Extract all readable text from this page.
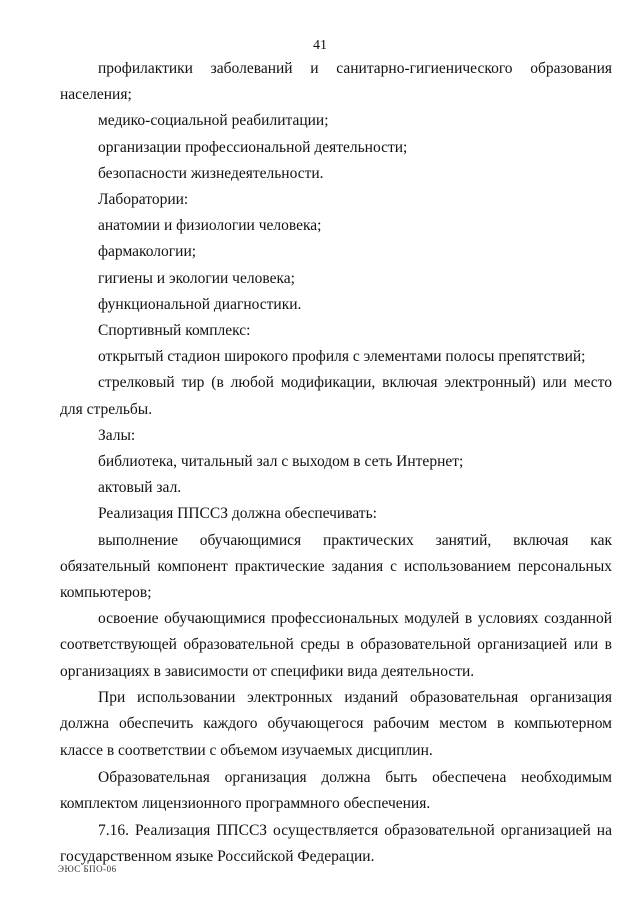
41

профилактики заболеваний и санитарно-гигиенического образования населения;

медико-социальной реабилитации;

организации профессиональной деятельности;

безопасности жизнедеятельности.

Лаборатории:

анатомии и физиологии человека;

фармакологии;

гигиены и экологии человека;

функциональной диагностики.

Спортивный комплекс:

открытый стадион широкого профиля с элементами полосы препятствий;

стрелковый тир (в любой модификации, включая электронный) или место для стрельбы.

Залы:

библиотека, читальный зал с выходом в сеть Интернет;

актовый зал.

Реализация ППССЗ должна обеспечивать:

выполнение обучающимися практических занятий, включая как обязательный компонент практические задания с использованием персональных компьютеров;

освоение обучающимися профессиональных модулей в условиях созданной соответствующей образовательной среды в образовательной организацией или в организациях в зависимости от специфики вида деятельности.

При использовании электронных изданий образовательная организация должна обеспечить каждого обучающегося рабочим местом в компьютерном классе в соответствии с объемом изучаемых дисциплин.

Образовательная организация должна быть обеспечена необходимым комплектом лицензионного программного обеспечения.

7.16. Реализация ППССЗ осуществляется образовательной организацией на государственном языке Российской Федерации.

ЭЮС БПО-06
